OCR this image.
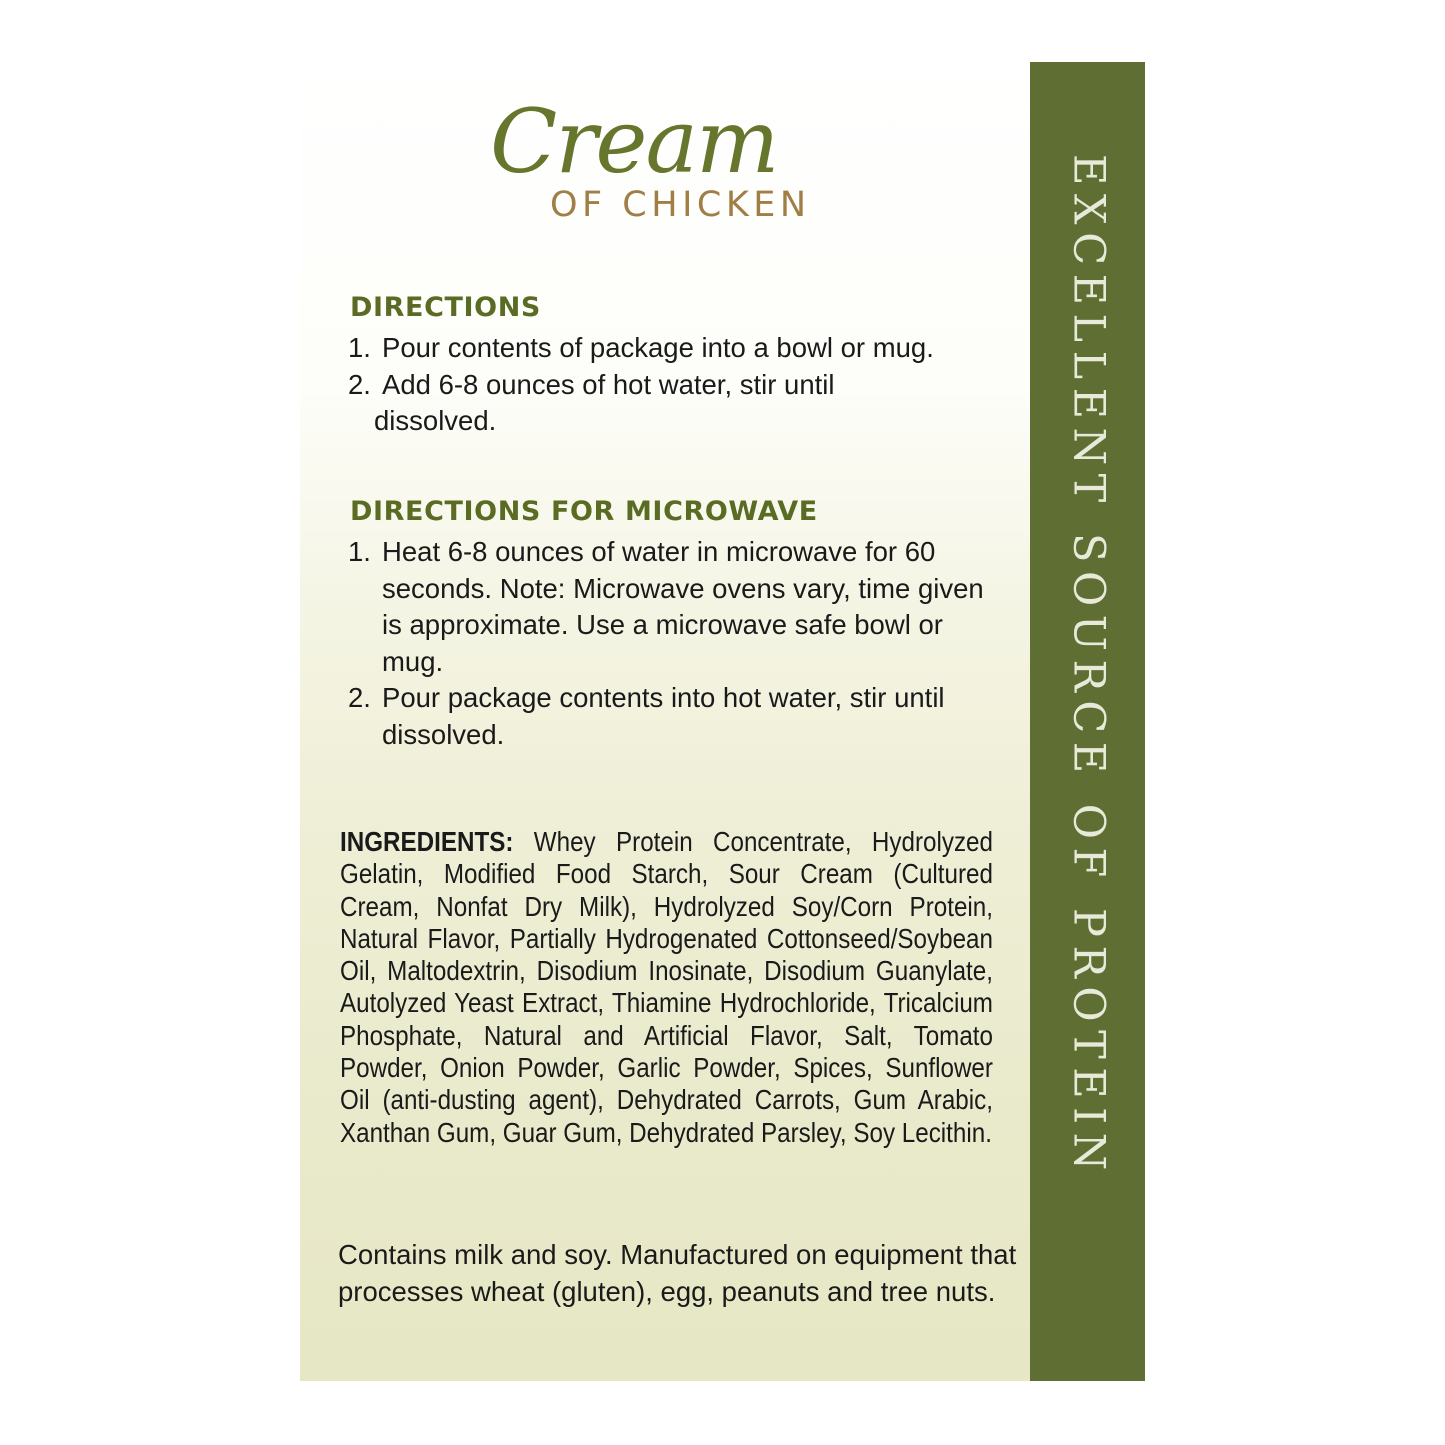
Cream
OF CHICKEN
DIRECTIONS
1. Pour contents of package into a bowl or mug.
2. Add 6-8 ounces of hot water, stir until dissolved.
DIRECTIONS FOR MICROWAVE
1. Heat 6-8 ounces of water in microwave for 60 seconds. Note: Microwave ovens vary, time given is approximate. Use a microwave safe bowl or mug.
2. Pour package contents into hot water, stir until dissolved.

INGREDIENTS: Whey Protein Concentrate, Hydrolyzed Gelatin, Modified Food Starch, Sour Cream (Cultured Cream, Nonfat Dry Milk), Hydrolyzed Soy/Corn Protein, Natural Flavor, Partially Hydrogenated Cottonseed/Soybean Oil, Maltodextrin, Disodium Inosinate, Disodium Guanylate, Autolyzed Yeast Extract, Thiamine Hydrochloride, Tricalcium Phosphate, Natural and Artificial Flavor, Salt, Tomato Powder, Onion Powder, Garlic Powder, Spices, Sunflower Oil (anti-dusting agent), Dehydrated Carrots, Gum Arabic, Xanthan Gum, Guar Gum, Dehydrated Parsley, Soy Lecithin.

Contains milk and soy. Manufactured on equipment that processes wheat (gluten), egg, peanuts and tree nuts.

EXCELLENT SOURCE OF PROTEIN
